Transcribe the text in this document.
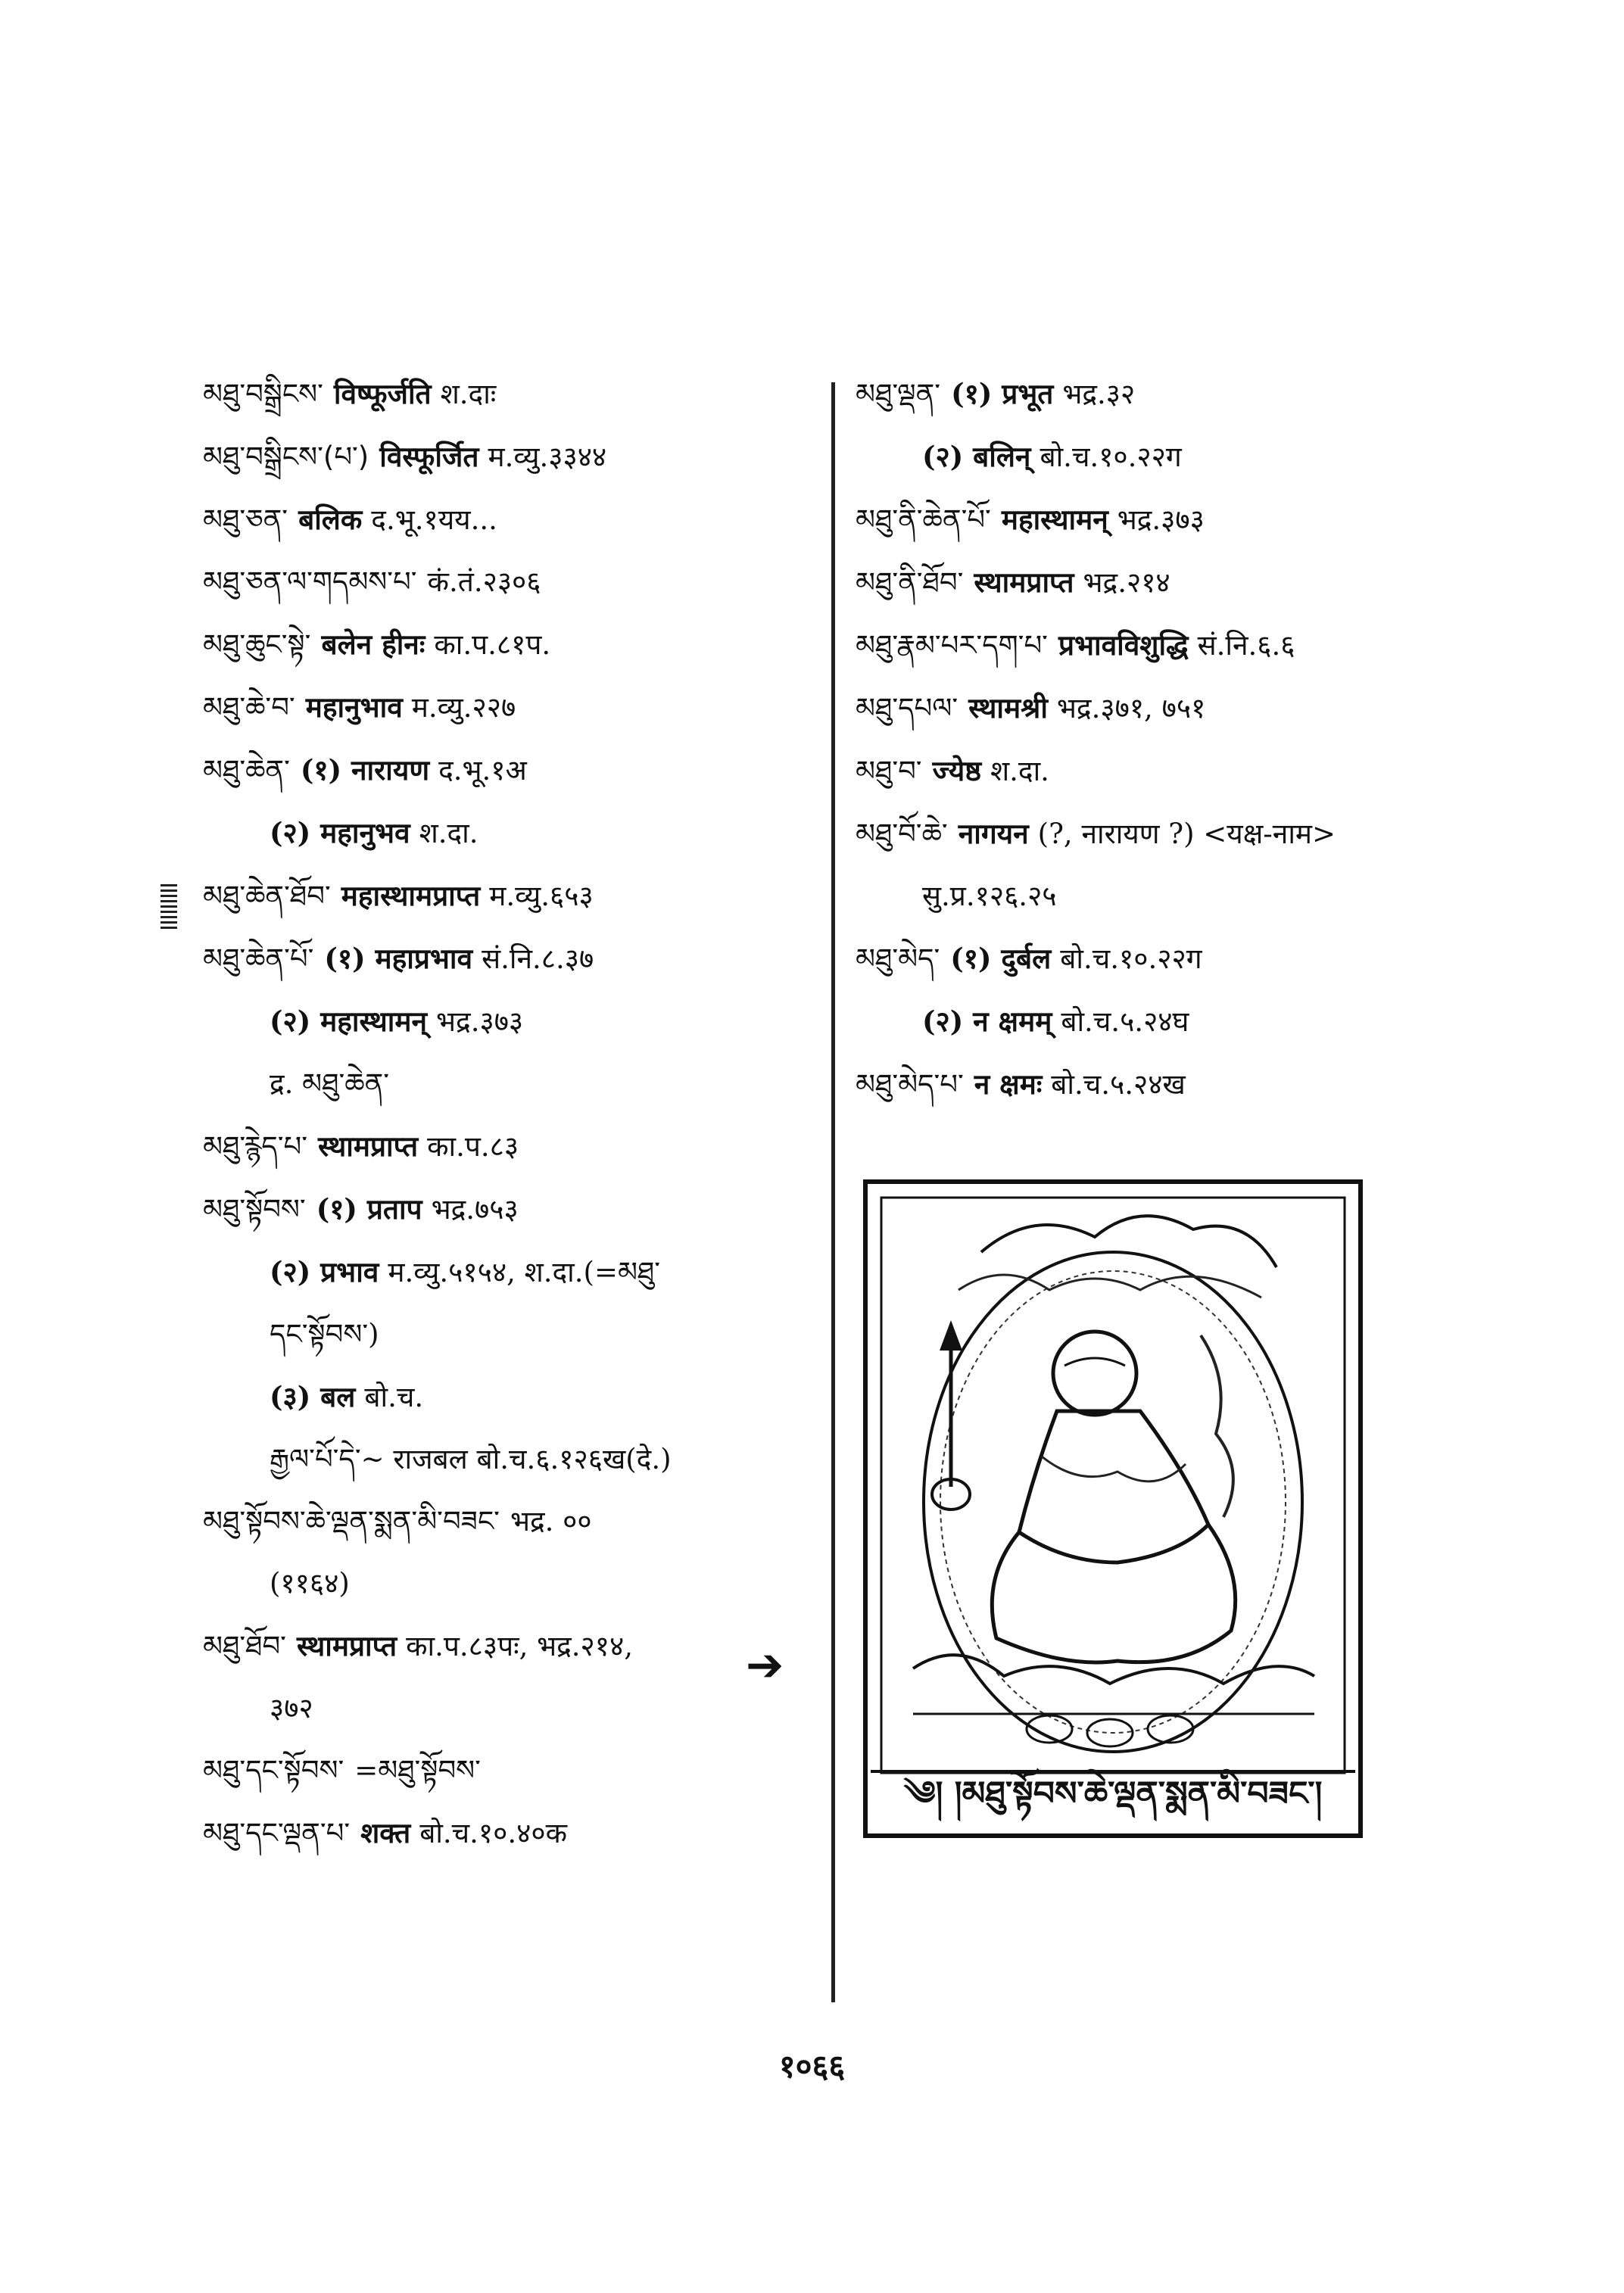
མཐུ་བསྒྲིངས་ विष्फूर्जति श.दाः
མཐུ་བསྒྲིངས་(པ་) विस्फूर्जित म.व्यु.३३४४
མཐུ་ཅན་ बलिक द.भू.१यय...
མཐུ་ཅན་ལ་གདམས་པ་ कं.तं.२३०६
མཐུ་ཆུང་སྟེ་ बलेन हीनः का.प.८१प.
མཐུ་ཆེ་བ་ महानुभाव म.व्यु.२२७
མཐུ་ཆེན་ (१) नारायण द.भू.१अ
(२) महानुभव श.दा.
མཐུ་ཆེན་ཐོབ་ महास्थामप्राप्त म.व्यु.६५३
མཐུ་ཆེན་པོ་ (१) महाप्रभाव सं.नि.८.३७
(२) महास्थामन् भद्र.३७३
द्र. མཐུ་ཆེན་
མཐུ་རྙེད་པ་ स्थामप्राप्त का.प.८३
མཐུ་སྟོབས་ (१) प्रताप भद्र.७५३
(२) प्रभाव म.व्यु.५१५४, श.दा.(=མཐུ་
དང་སྟོབས་)
(३) बल बो.च.
རྒྱལ་པོ་དེ་~ राजबल बो.च.६.१२६ख(दे.)
མཐུ་སྟོབས་ཆེ་ལྡན་སྨན་མི་བཟང་ भद्र. ००
(११६४)
མཐུ་ཐོབ་ स्थामप्राप्त का.प.८३पः, भद्र.२१४,
३७२
མཐུ་དང་སྟོབས་ =མཐུ་སྟོབས་
མཐུ་དང་ལྡན་པ་ शक्त बो.च.१०.४०क
མཐུ་ལྡན་ (१) प्रभूत भद्र.३२
(२) बलिन् बो.च.१०.२२ग
མཐུ་ནི་ཆེན་པོ་ महास्थामन् भद्र.३७३
མཐུ་ནི་ཐོབ་ स्थामप्राप्त भद्र.२१४
མཐུ་རྣམ་པར་དག་པ་ प्रभावविशुद्धि सं.नि.६.६
མཐུ་དཔལ་ स्थामश्री भद्र.३७१, ७५१
མཐུ་བ་ ज्येष्ठ श.दा.
མཐུ་བོ་ཆེ་ नागयन (?, नारायण ?) <यक्ष-नाम>
सु.प्र.१२६.२५
མཐུ་མེད་ (१) दुर्बल बो.च.१०.२२ग
(२) न क्षमम् बो.च.५.२४घ
མཐུ་མེད་པ་ न क्षमः बो.च.५.२४ख
➔
༄། །མཐུ་སྟོབས་ཆེ་ལྡན་སྨན་མི་བཟང་།
१०६६
